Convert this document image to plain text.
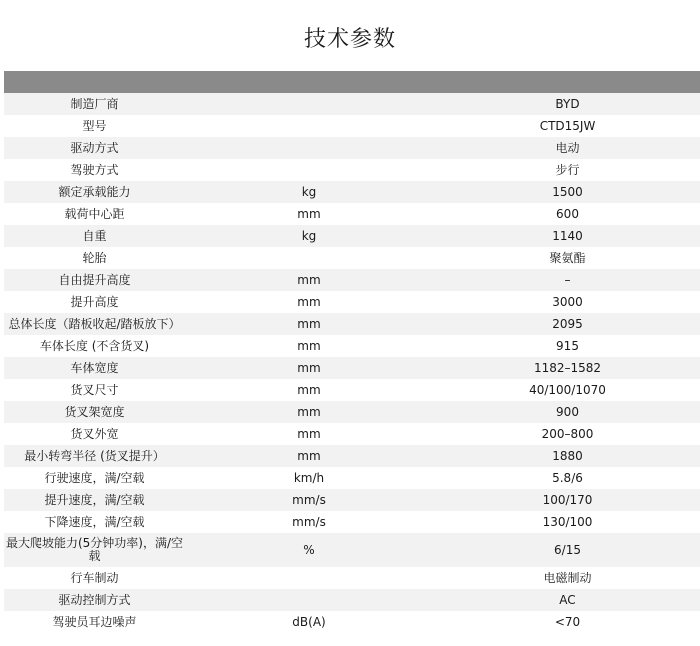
技术参数

制造厂商		BYD
型号		CTD15JW
驱动方式		电动
驾驶方式		步行
额定承载能力	kg	1500
载荷中心距	mm	600
自重	kg	1140
轮胎		聚氨酯
自由提升高度	mm	–
提升高度	mm	3000
总体长度（踏板收起/踏板放下）	mm	2095
车体长度 (不含货叉)	mm	915
车体宽度	mm	1182–1582
货叉尺寸	mm	40/100/1070
货叉架宽度	mm	900
货叉外宽	mm	200–800
最小转弯半径 (货叉提升）	mm	1880
行驶速度，满/空载	km/h	5.8/6
提升速度，满/空载	mm/s	100/170
下降速度，满/空载	mm/s	130/100
最大爬坡能力(5分钟功率)，满/空载	%	6/15
行车制动		电磁制动
驱动控制方式		AC
驾驶员耳边噪声	dB(A)	<70
